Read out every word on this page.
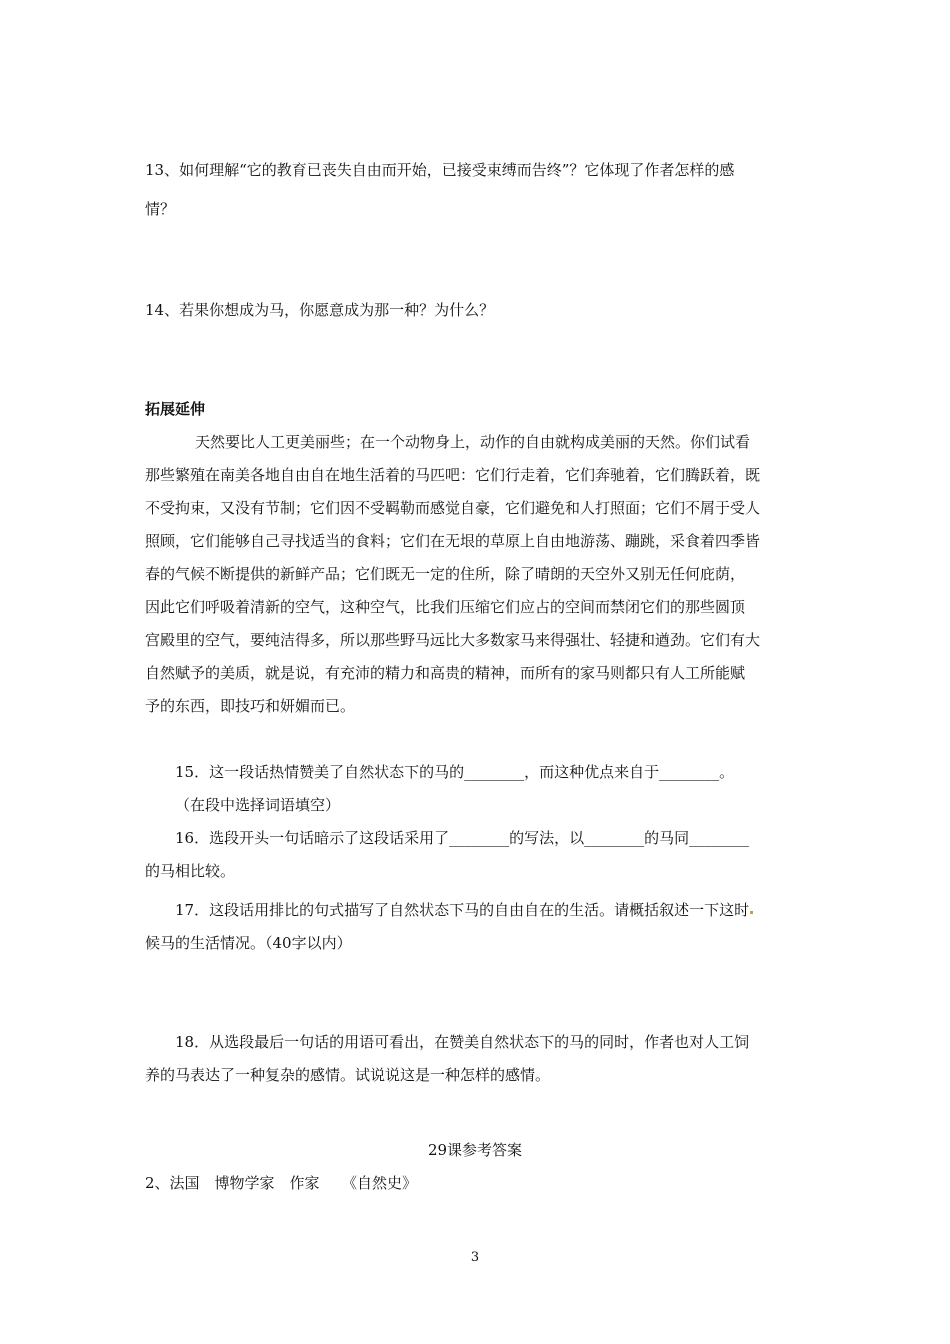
13、如何理解“它的教育已丧失自由而开始，已接受束缚而告终”？它体现了作者怎样的感
情？
14、若果你想成为马，你愿意成为那一种？为什么？
拓展延伸
天然要比人工更美丽些；在一个动物身上，动作的自由就构成美丽的天然。你们试看
那些繁殖在南美各地自由自在地生活着的马匹吧：它们行走着，它们奔驰着，它们腾跃着，既
不受拘束，又没有节制；它们因不受羁勒而感觉自豪，它们避免和人打照面；它们不屑于受人
照顾，它们能够自己寻找适当的食料；它们在无垠的草原上自由地游荡、蹦跳，采食着四季皆
春的气候不断提供的新鲜产品；它们既无一定的住所，除了晴朗的天空外又别无任何庇荫，
因此它们呼吸着清新的空气，这种空气，比我们压缩它们应占的空间而禁闭它们的那些圆顶
宫殿里的空气，要纯洁得多，所以那些野马远比大多数家马来得强壮、轻捷和遒劲。它们有大
自然赋予的美质，就是说，有充沛的精力和高贵的精神，而所有的家马则都只有人工所能赋
予的东西，即技巧和妍媚而已。
15．这一段话热情赞美了自然状态下的马的________，而这种优点来自于________。
（在段中选择词语填空）
16．选段开头一句话暗示了这段话采用了________的写法，以________的马同________
的马相比较。
17．这段话用排比的句式描写了自然状态下马的自由自在的生活。请概括叙述一下这时
候马的生活情况。（40字以内）
18．从选段最后一句话的用语可看出，在赞美自然状态下的马的同时，作者也对人工饲
养的马表达了一种复杂的感情。试说说这是一种怎样的感情。
29课参考答案
2、法国　博物学家　作家　　《自然史》
3
